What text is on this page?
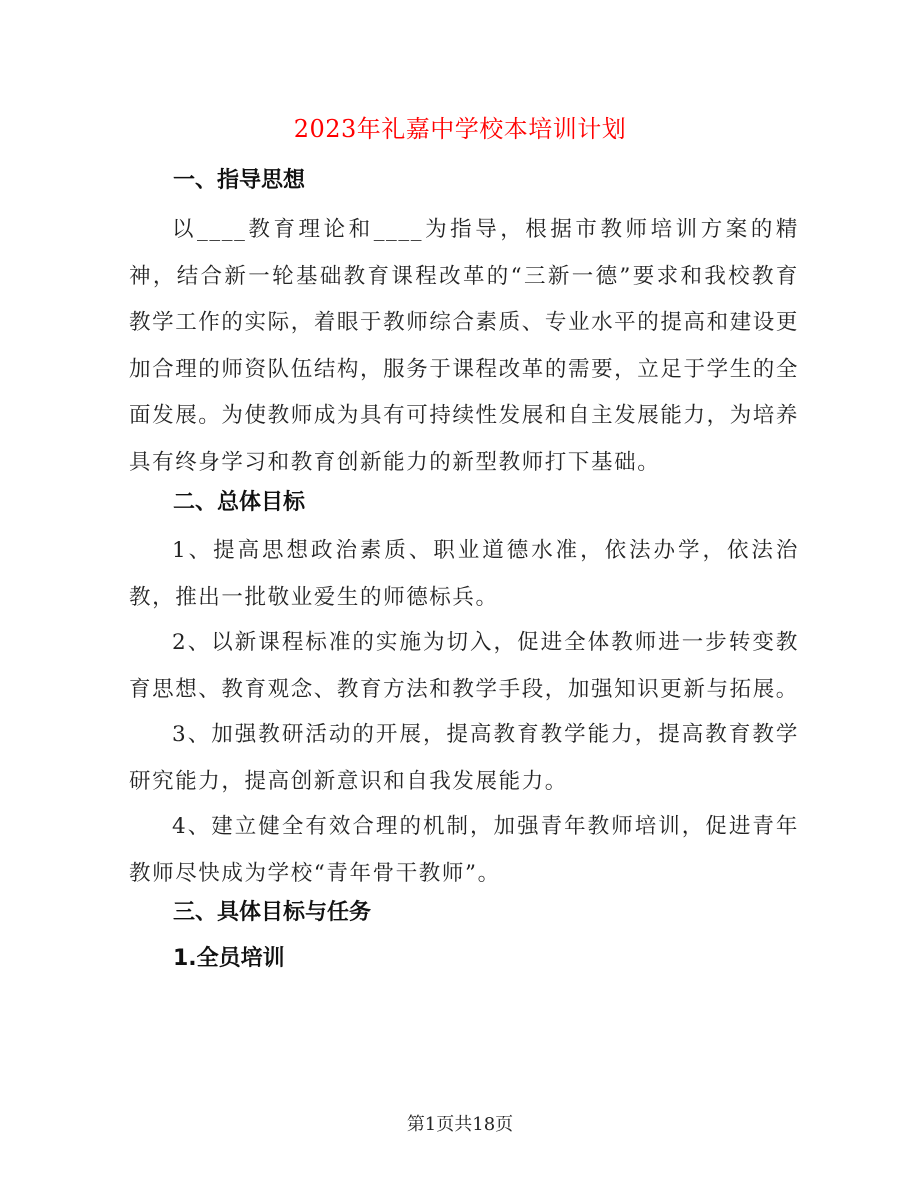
2023年礼嘉中学校本培训计划
一、指导思想
以____教育理论和____为指导，根据市教师培训方案的精神，结合新一轮基础教育课程改革的“三新一德”要求和我校教育教学工作的实际，着眼于教师综合素质、专业水平的提高和建设更加合理的师资队伍结构，服务于课程改革的需要，立足于学生的全面发展。为使教师成为具有可持续性发展和自主发展能力，为培养具有终身学习和教育创新能力的新型教师打下基础。
二、总体目标
1、提高思想政治素质、职业道德水准，依法办学，依法治教，推出一批敬业爱生的师德标兵。
2、以新课程标准的实施为切入，促进全体教师进一步转变教育思想、教育观念、教育方法和教学手段，加强知识更新与拓展。
3、加强教研活动的开展，提高教育教学能力，提高教育教学研究能力，提高创新意识和自我发展能力。
4、建立健全有效合理的机制，加强青年教师培训，促进青年教师尽快成为学校“青年骨干教师”。
三、具体目标与任务
1.全员培训
第1页共18页
